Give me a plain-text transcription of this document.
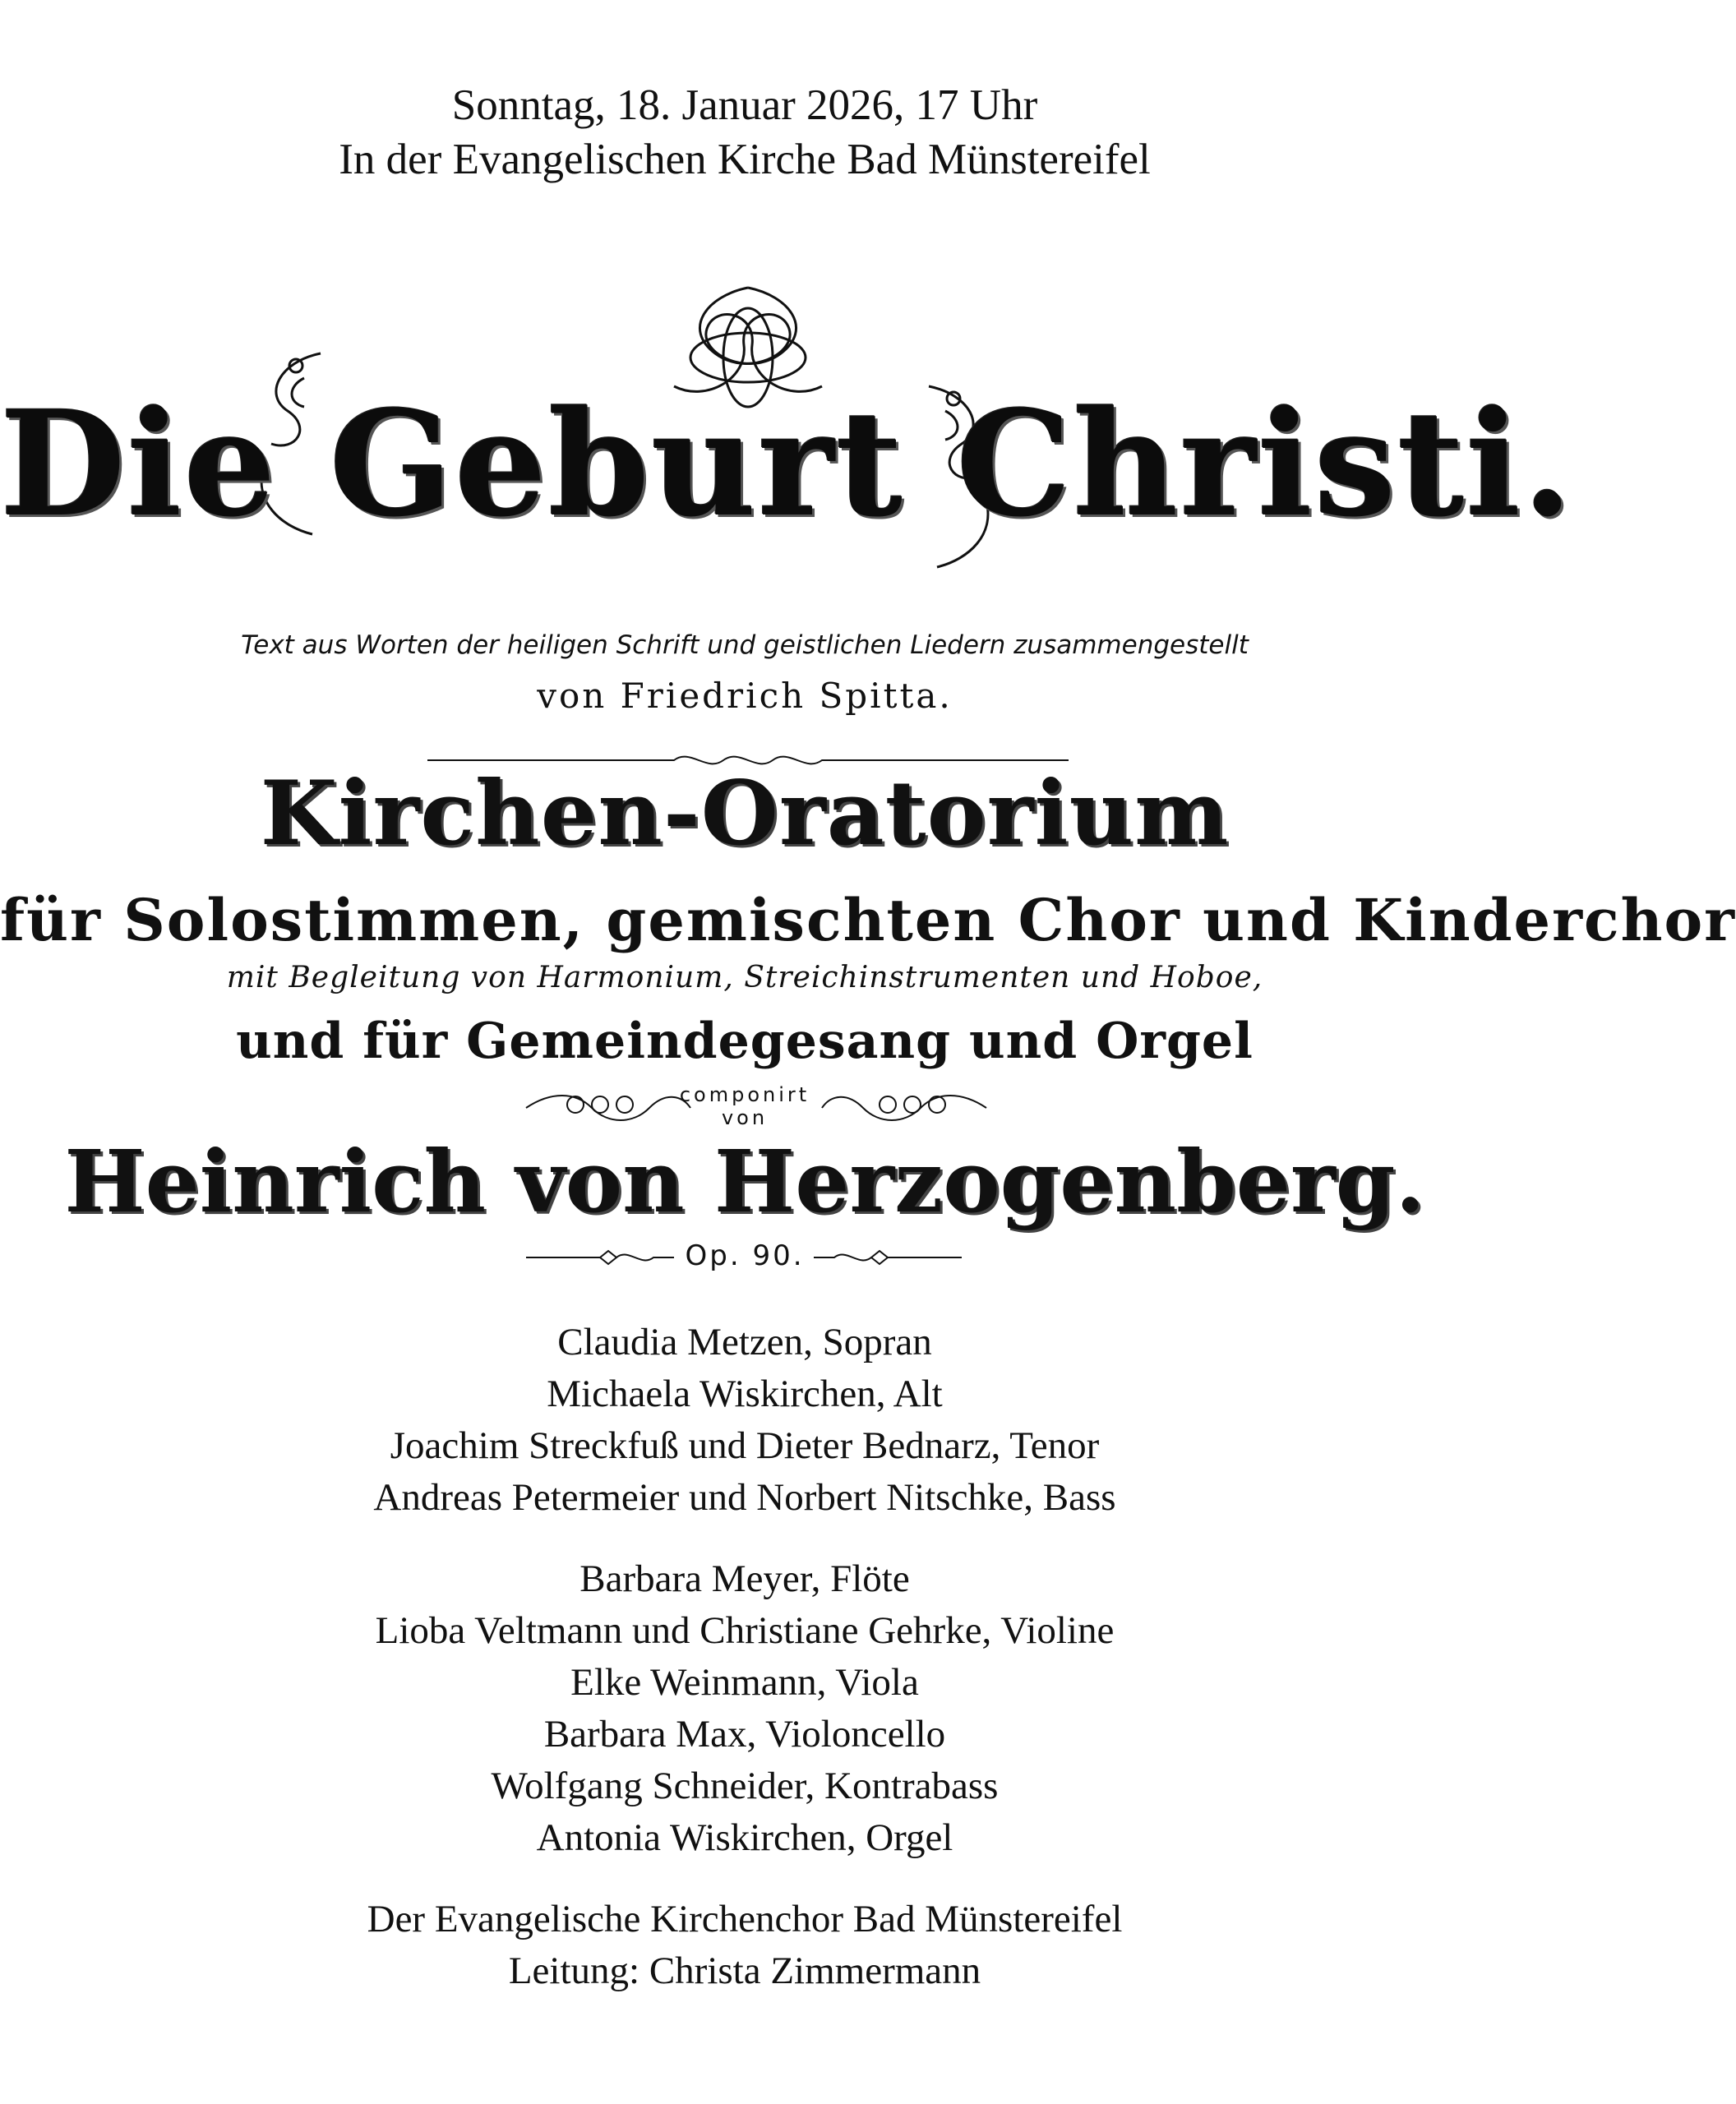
Sonntag, 18. Januar 2026, 17 Uhr
In der Evangelischen Kirche Bad Münstereifel
Die Geburt Christi.
Text aus Worten der heiligen Schrift und geistlichen Liedern zusammengestellt
von Friedrich Spitta.
Kirchen-Oratorium
für Solostimmen, gemischten Chor und Kinderchor
mit Begleitung von Harmonium, Streichinstrumenten und Hoboe,
und für Gemeindegesang und Orgel
componirt
von
Heinrich von Herzogenberg.
Op. 90.
Claudia Metzen, Sopran
Michaela Wiskirchen, Alt
Joachim Streckfuß und Dieter Bednarz, Tenor
Andreas Petermeier und Norbert Nitschke, Bass
Barbara Meyer, Flöte
Lioba Veltmann und Christiane Gehrke, Violine
Elke Weinmann, Viola
Barbara Max, Violoncello
Wolfgang Schneider, Kontrabass
Antonia Wiskirchen, Orgel
Der Evangelische Kirchenchor Bad Münstereifel
Leitung: Christa Zimmermann
